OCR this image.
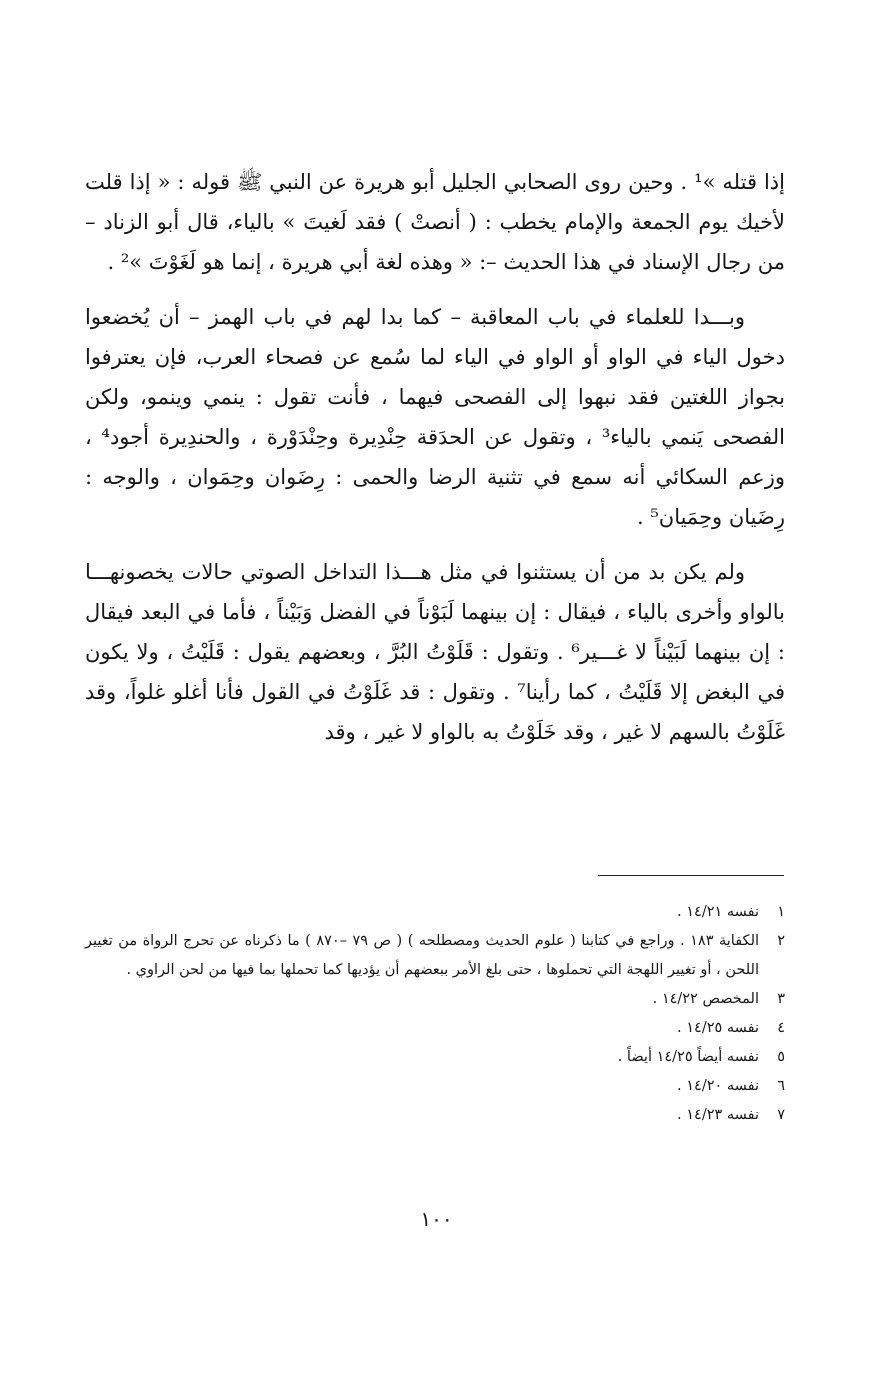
إذا قتله »¹ . وحين روى الصحابي الجليل أبو هريرة عن النبي ﷺ قوله : « إذا قلت لأخيك يوم الجمعة والإمام يخطب : ( أنصتْ ) فقد لَغيتَ » بالياء، قال أبو الزناد – من رجال الإسناد في هذا الحديث –: « وهذه لغة أبي هريرة ، إنما هو لَغَوْتَ »² .

وبـــدا للعلماء في باب المعاقبة – كما بدا لهم في باب الهمز – أن يُخضعوا دخول الياء في الواو أو الواو في الياء لما سُمع عن فصحاء العرب، فإن يعترفوا بجواز اللغتين فقد نبهوا إلى الفصحى فيهما ، فأنت تقول : ينمي وينمو، ولكن الفصحى يَنمي بالياء³ ، وتقول عن الحدَقة حِنْدِيرة وحِنْدَوْرة ، والحندِيرة أجود⁴ ، وزعم السكائي أنه سمع في تثنية الرضا والحمى : رِضَوان وحِمَوان ، والوجه : رِضَيان وحِمَيان⁵ .

ولم يكن بد من أن يستثنوا في مثل هـــذا التداخل الصوتي حالات يخصونهـــا بالواو وأخرى بالياء ، فيقال : إن بينهما لَبَوْناً في الفضل وَبَيْناً ، فأما في البعد فيقال : إن بينهما لَبَيْناً لا غـــير⁶ . وتقول : قَلَوْتُ البُرَّ ، وبعضهم يقول : قَلَيْتُ ، ولا يكون في البغض إلا قَلَيْتُ ، كما رأينا⁷ . وتقول : قد غَلَوْتُ في القول فأنا أغلو غلواً، وقد غَلَوْتُ بالسهم لا غير ، وقد خَلَوْتُ به بالواو لا غير ، وقد

١
نفسه ١٤/٢١ .
٢
الكفاية ١٨٣ . وراجع في كتابنا ( علوم الحديث ومصطلحه ) ( ص ٧٩ –٨٧٠ ) ما ذكرناه عن تحرج الرواة من تغيير اللحن ، أو تغيير اللهجة التي تحملوها ، حتى بلغ الأمر ببعضهم أن يؤديها كما تحملها بما فيها من لحن الراوي .
٣
المخصص ١٤/٢٢ .
٤
نفسه ١٤/٢٥ .
٥
نفسه أيضاً ١٤/٢٥ أيضاً .
٦
نفسه ١٤/٢٠ .
٧
نفسه ١٤/٢٣ .
١٠٠
